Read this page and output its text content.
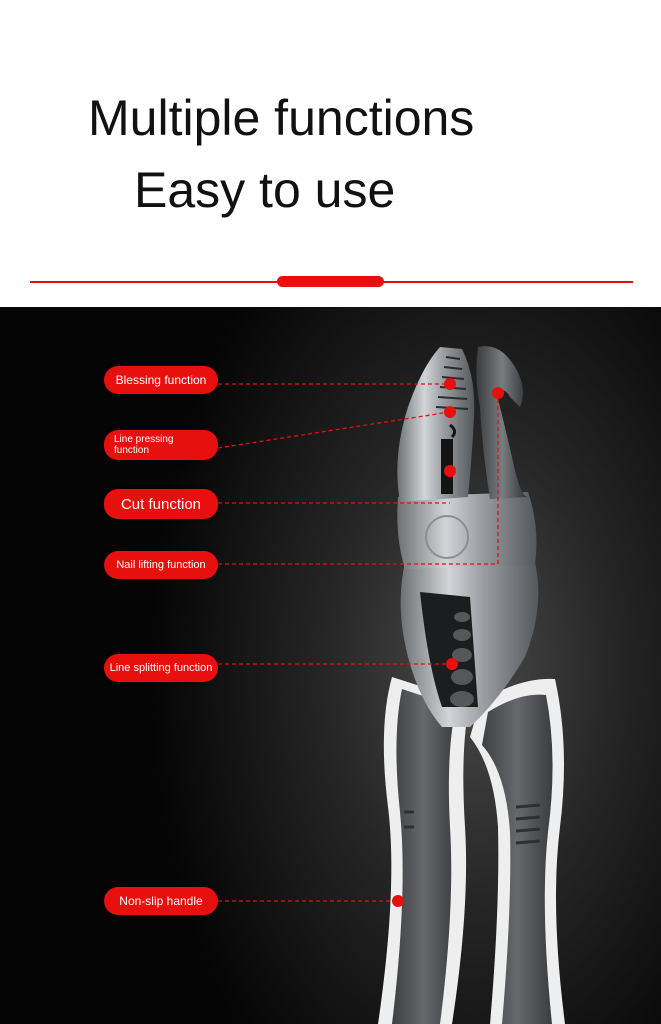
Multiple functions
Easy to use
Blessing function
Line pressing function
Cut function
Nail lifting function
Line splitting function
Non-slip handle
